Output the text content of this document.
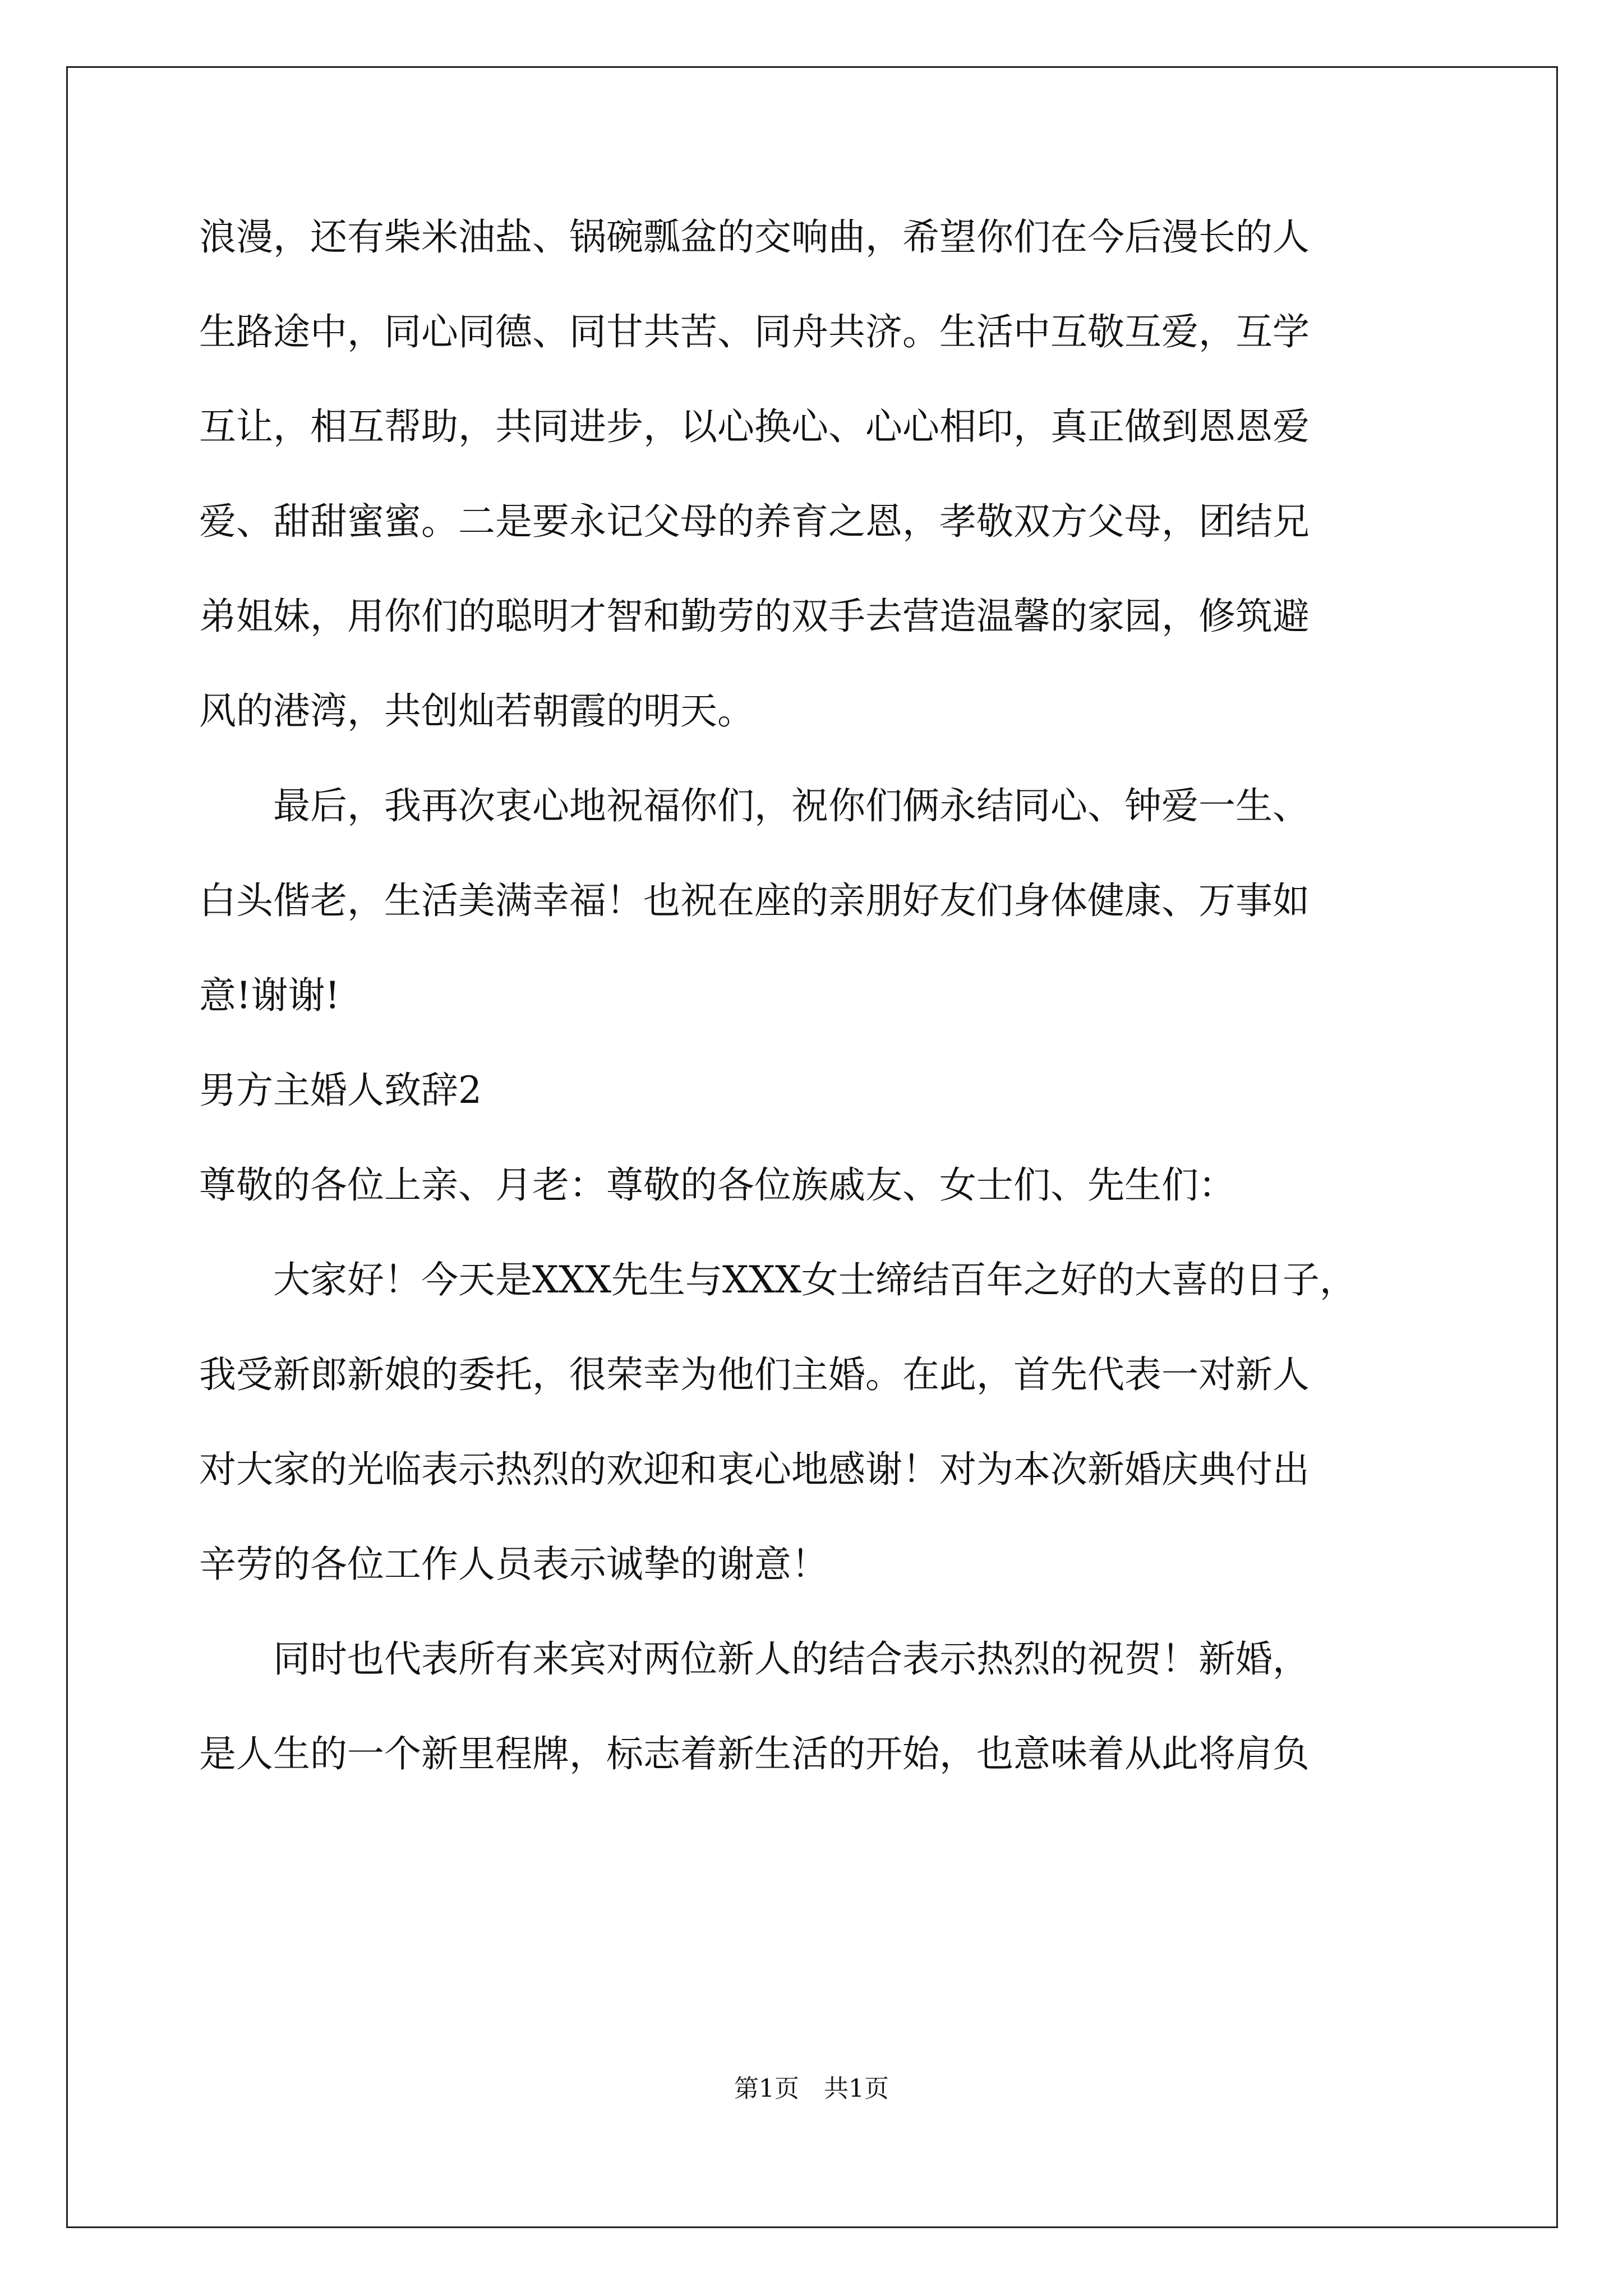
浪漫，还有柴米油盐、锅碗瓢盆的交响曲，希望你们在今后漫长的人

生路途中，同心同德、同甘共苦、同舟共济。生活中互敬互爱，互学

互让，相互帮助，共同进步，以心换心、心心相印，真正做到恩恩爱

爱、甜甜蜜蜜。二是要永记父母的养育之恩，孝敬双方父母，团结兄

弟姐妹，用你们的聪明才智和勤劳的双手去营造温馨的家园，修筑避

风的港湾，共创灿若朝霞的明天。

　　最后，我再次衷心地祝福你们，祝你们俩永结同心、钟爱一生、

白头偕老，生活美满幸福！也祝在座的亲朋好友们身体健康、万事如

意!谢谢!

男方主婚人致辞2

尊敬的各位上亲、月老：尊敬的各位族戚友、女士们、先生们：

　　大家好！今天是XXX先生与XXX女士缔结百年之好的大喜的日子，

我受新郎新娘的委托，很荣幸为他们主婚。在此，首先代表一对新人

对大家的光临表示热烈的欢迎和衷心地感谢！对为本次新婚庆典付出

辛劳的各位工作人员表示诚挚的谢意！

　　同时也代表所有来宾对两位新人的结合表示热烈的祝贺！新婚，

是人生的一个新里程牌，标志着新生活的开始，也意味着从此将肩负

第1页　共1页
